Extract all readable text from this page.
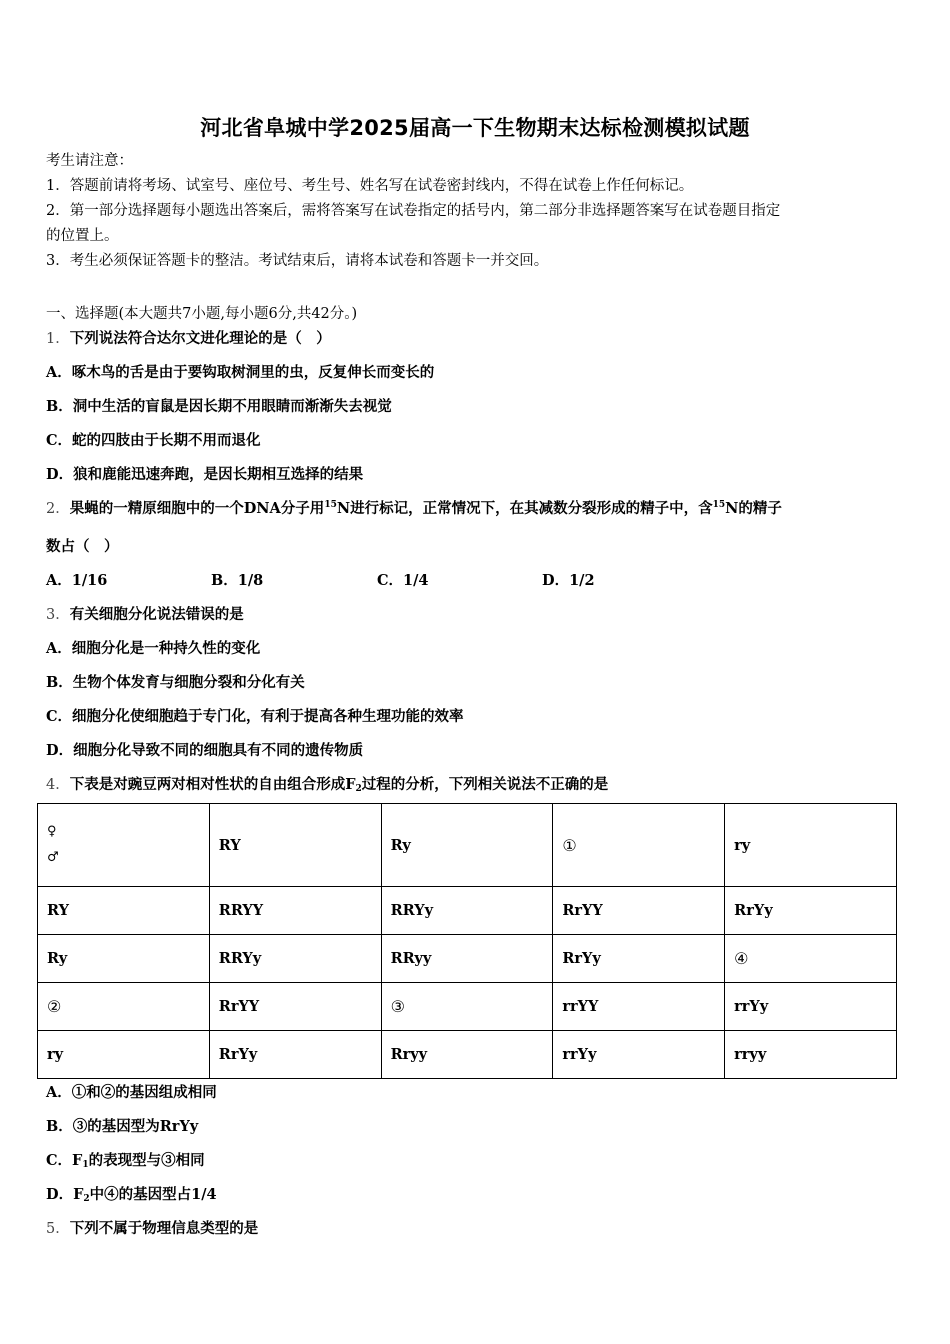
河北省阜城中学2025届高一下生物期末达标检测模拟试题
考生请注意：
1．答题前请将考场、试室号、座位号、考生号、姓名写在试卷密封线内，不得在试卷上作任何标记。
2．第一部分选择题每小题选出答案后，需将答案写在试卷指定的括号内，第二部分非选择题答案写在试卷题目指定
的位置上。
3．考生必须保证答题卡的整洁。考试结束后，请将本试卷和答题卡一并交回。
一、选择题(本大题共7小题,每小题6分,共42分。)
1．下列说法符合达尔文进化理论的是（　）
A．啄木鸟的舌是由于要钩取树洞里的虫，反复伸长而变长的
B．洞中生活的盲鼠是因长期不用眼睛而渐渐失去视觉
C．蛇的四肢由于长期不用而退化
D．狼和鹿能迅速奔跑，是因长期相互选择的结果
2．果蝇的一精原细胞中的一个DNA分子用$^{15}$N进行标记，正常情况下，在其减数分裂形成的精子中，含$^{15}$N的精子
数占（　）
A．1/16	B．1/8	C．1/4	D．1/2
3．有关细胞分化说法错误的是
A．细胞分化是一种持久性的变化
B．生物个体发育与细胞分裂和分化有关
C．细胞分化使细胞趋于专门化，有利于提高各种生理功能的效率
D．细胞分化导致不同的细胞具有不同的遗传物质
4．下表是对豌豆两对相对性状的自由组合形成$F_2$过程的分析，下列相关说法不正确的是
♀
♂	RY	Ry	①	ry
RY	RRYY	RRYy	RrYY	RrYy
Ry	RRYy	RRyy	RrYy	④
②	RrYY	③	rrYY	rrYy
ry	RrYy	Rryy	rrYy	rryy
A．①和②的基因组成相同
B．③的基因型为RrYy
C．$F_1$的表现型与③相同
D．$F_2$中④的基因型占1/4
5．下列不属于物理信息类型的是
